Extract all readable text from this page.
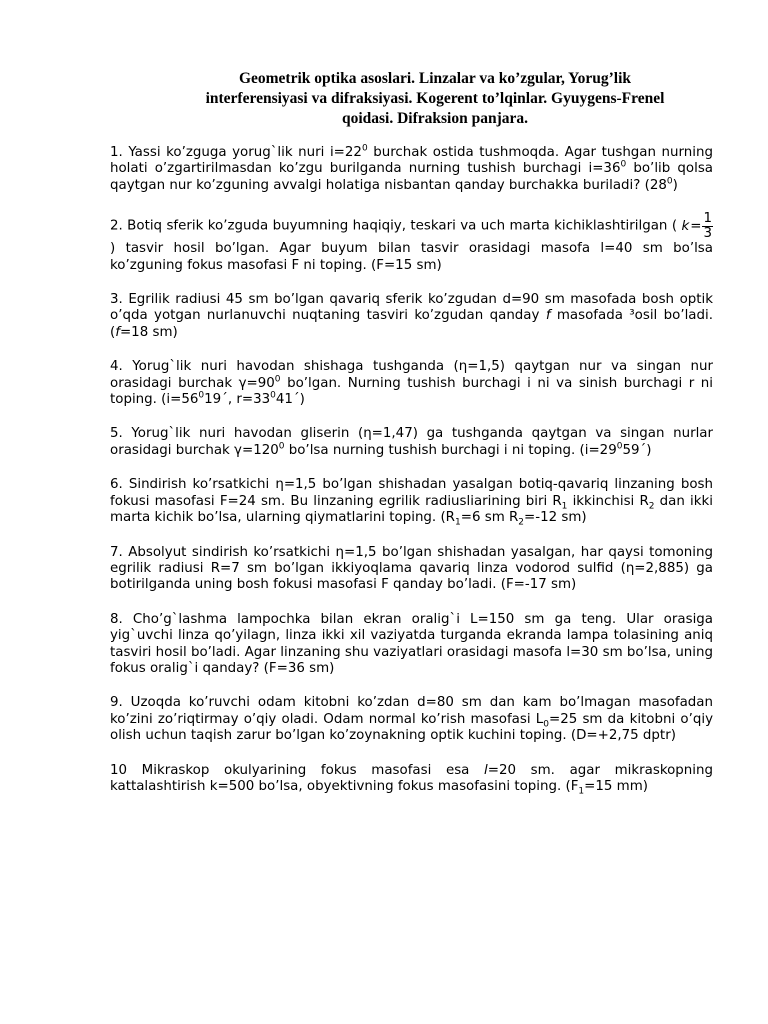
Geometrik optika asoslari. Linzalar va ko’zgular, Yorug’lik
interferensiyasi va difraksiyasi. Kogerent to’lqinlar. Gyuygens-Frenel
qoidasi. Difraksion panjara.

1. Yassi ko’zguga yorug`lik nuri $i=22^0$ burchak ostida tushmoqda. Agar tushgan nurning holati o’zgartirilmasdan ko’zgu burilganda nurning tushish burchagi $i=36^0$ bo’lib qolsa qaytgan nur ko’zguning avvalgi holatiga nisbantan qanday burchakka buriladi? $(28^0)$

2. Botiq sferik ko’zguda buyumning haqiqiy, teskari va uch marta kichiklashtirilgan ( $k = \frac{1}{3}$
) tasvir hosil bo’lgan. Agar buyum bilan tasvir orasidagi masofa l=40 sm bo’lsa ko’zguning fokus masofasi F ni toping. (F=15 sm)

3. Egrilik radiusi 45 sm bo’lgan qavariq sferik ko’zgudan d=90 sm masofada bosh optik o’qda yotgan nurlanuvchi nuqtaning tasviri ko’zgudan qanday f masofada ³osil bo’ladi. (f=18 sm)

4. Yorug`lik nuri havodan shishaga tushganda (η=1,5) qaytgan nur va singan nur orasidagi burchak $\gamma=90^0$ bo’lgan. Nurning tushish burchagi i ni va sinish burchagi r ni toping. ($i=56^019´$, $r=33^041´$)

5. Yorug`lik nuri havodan gliserin (η=1,47) ga tushganda qaytgan va singan nurlar orasidagi burchak $\gamma=120^0$ bo’lsa nurning tushish burchagi i ni toping. $(i=29^059´)$

6. Sindirish ko’rsatkichi η=1,5 bo’lgan shishadan yasalgan botiq-qavariq linzaning bosh fokusi masofasi F=24 sm. Bu linzaning egrilik radiusliarining biri $R_1$ ikkinchisi $R_2$ dan ikki marta kichik bo’lsa, ularning qiymatlarini toping. ($R_1=6$ sm $R_2=-12$ sm)

7. Absolyut sindirish ko’rsatkichi η=1,5 bo’lgan shishadan yasalgan, har qaysi tomoning egrilik radiusi R=7 sm bo’lgan ikkiyoqlama qavariq linza vodorod sulfid (η=2,885) ga botirilganda uning bosh fokusi masofasi F qanday bo’ladi. (F=-17 sm)

8. Cho’g`lashma lampochka bilan ekran oralig`i L=150 sm ga teng. Ular orasiga yig`uvchi linza qo’yilagn, linza ikki xil vaziyatda turganda ekranda lampa tolasining aniq tasviri hosil bo’ladi. Agar linzaning shu vaziyatlari orasidagi masofa l=30 sm bo’lsa, uning fokus oralig`i qanday? (F=36 sm)

9. Uzoqda ko’ruvchi odam kitobni ko’zdan d=80 sm dan kam bo’lmagan masofadan ko’zini zo’riqtirmay o’qiy oladi. Odam normal ko’rish masofasi $L_0=25$ sm da kitobni o’qiy olish uchun taqish zarur bo’lgan ko’zoynakning optik kuchini toping. (D=+2,75 dptr)

10 Mikraskop okulyarining fokus masofasi esa l=20 sm. agar mikraskopning kattalashtirish k=500 bo’lsa, obyektivning fokus masofasini toping. ($F_1=15$ mm)
